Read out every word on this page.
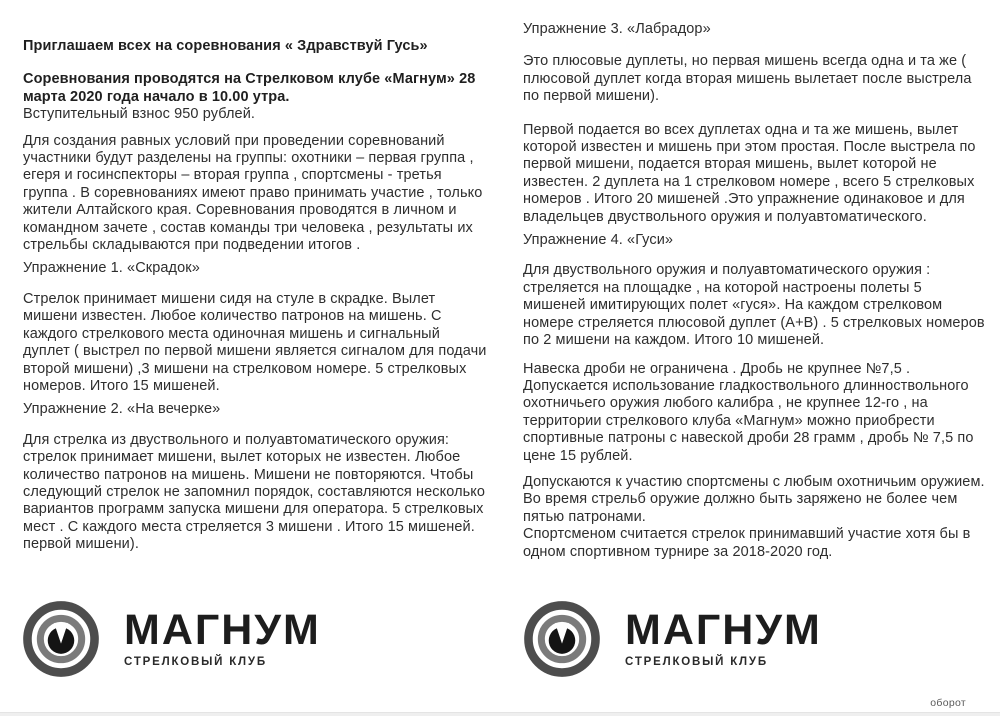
Приглашаем всех на соревнования « Здравствуй Гусь»

Соревнования проводятся на Стрелковом клубе «Магнум» 28 марта 2020 года начало в 10.00 утра.

Вступительный взнос 950 рублей.

Для создания равных условий при проведении соревнований участники будут разделены на группы: охотники – первая группа , егеря и госинспекторы – вторая группа , спортсмены - третья группа . В соревнованиях имеют право принимать участие , только жители Алтайского края. Соревнования проводятся в личном и командном зачете , состав команды три человека , результаты их стрельбы складываются при подведении итогов .

Упражнение 1. «Скрадок»

Стрелок принимает мишени сидя на стуле в скрадке. Вылет мишени известен. Любое количество патронов на мишень. С каждого стрелкового места одиночная мишень и сигнальный дуплет ( выстрел по первой мишени является сигналом для подачи второй мишени) ,3 мишени на стрелковом номере. 5 стрелковых номеров. Итого 15 мишеней.

Упражнение 2. «На вечерке»

Для стрелка из двуствольного и полуавтоматического оружия: стрелок принимает мишени, вылет которых не известен. Любое количество патронов на мишень. Мишени не повторяются. Чтобы следующий стрелок не запомнил порядок, составляются несколько вариантов программ запуска мишени для оператора. 5 стрелковых мест . С каждого места стреляется 3 мишени . Итого 15 мишеней. первой мишени).

Упражнение 3. «Лабрадор»

Это плюсовые дуплеты, но первая мишень всегда одна и та же ( плюсовой дуплет когда вторая мишень вылетает после выстрела по первой мишени).

Первой подается во всех дуплетах одна и та же мишень, вылет которой известен и мишень при этом простая. После выстрела по первой мишени, подается вторая мишень, вылет которой не известен. 2 дуплета на 1 стрелковом номере , всего 5 стрелковых номеров . Итого 20 мишеней .Это упражнение одинаковое и для владельцев двуствольного оружия и полуавтоматического.

Упражнение 4. «Гуси»

Для двуствольного оружия и полуавтоматического оружия : стреляется на площадке , на которой настроены полеты 5 мишеней имитирующих полет «гуся». На каждом стрелковом номере стреляется плюсовой дуплет (А+В) . 5 стрелковых номеров по 2 мишени на каждом. Итого 10 мишеней.

Навеска дроби не ограничена . Дробь не крупнее №7,5 .
Допускается использование гладкоствольного длинноствольного охотничьего оружия любого калибра , не крупнее 12-го , на территории стрелкового клуба «Магнум» можно приобрести спортивные патроны с навеской дроби 28 грамм , дробь № 7,5 по цене 15 рублей.

Допускаются к участию спортсмены с любым охотничьим оружием. Во время стрельб оружие должно быть заряжено не более чем пятью патронами.
Спортсменом считается стрелок принимавший участие хотя бы в одном спортивном турнире за 2018-2020 год.

МАГНУМ
СТРЕЛКОВЫЙ КЛУБ
МАГНУМ
СТРЕЛКОВЫЙ КЛУБ
оборот
